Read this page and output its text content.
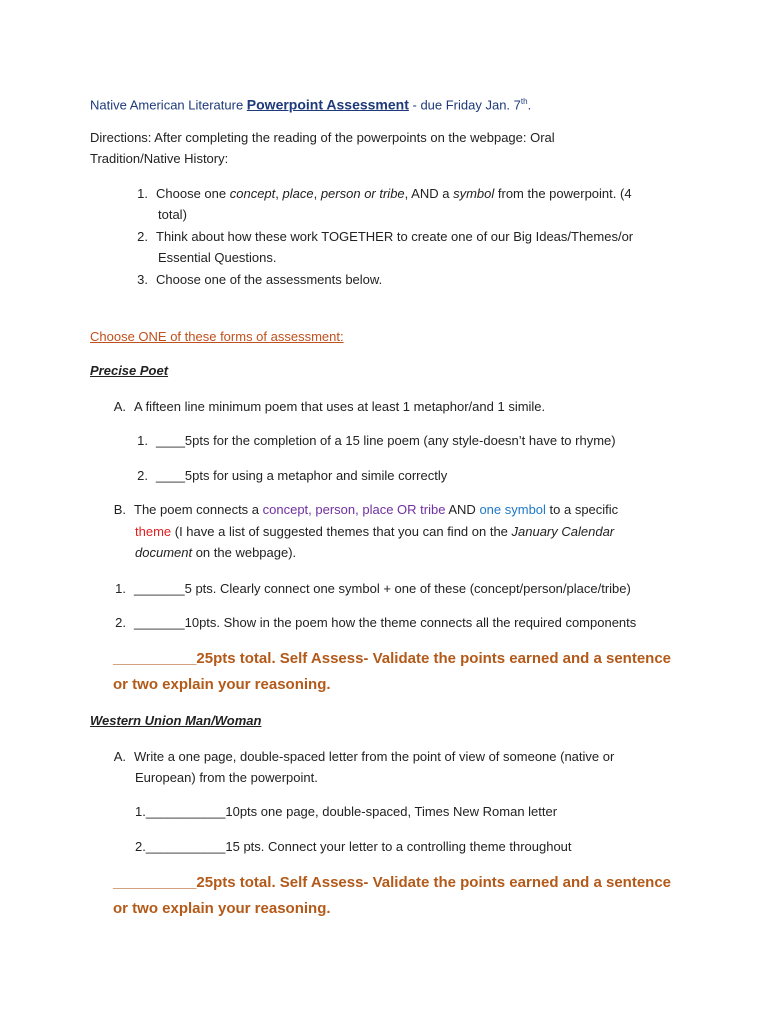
Native American Literature Powerpoint Assessment - due Friday Jan. 7th.
Directions: After completing the reading of the powerpoints on the webpage: Oral
Tradition/Native History:
1. Choose one concept, place, person or tribe, AND a symbol from the powerpoint. (4
total)
2. Think about how these work TOGETHER to create one of our Big Ideas/Themes/or
Essential Questions.
3. Choose one of the assessments below.
Choose ONE of these forms of assessment:
Precise Poet
A. A fifteen line minimum poem that uses at least 1 metaphor/and 1 simile.
1. ____5pts for the completion of a 15 line poem (any style-doesn’t have to rhyme)
2. ____5pts for using a metaphor and simile correctly
B. The poem connects a concept, person, place OR tribe AND one symbol to a specific
theme (I have a list of suggested themes that you can find on the January Calendar
document on the webpage).
1. _______5 pts. Clearly connect one symbol + one of these (concept/person/place/tribe)
2. _______10pts. Show in the poem how the theme connects all the required components
__________25pts total. Self Assess- Validate the points earned and a sentence
or two explain your reasoning.
Western Union Man/Woman
A. Write a one page, double-spaced letter from the point of view of someone (native or
European) from the powerpoint.
1.___________10pts one page, double-spaced, Times New Roman letter
2.___________15 pts. Connect your letter to a controlling theme throughout
__________25pts total. Self Assess- Validate the points earned and a sentence
or two explain your reasoning.
